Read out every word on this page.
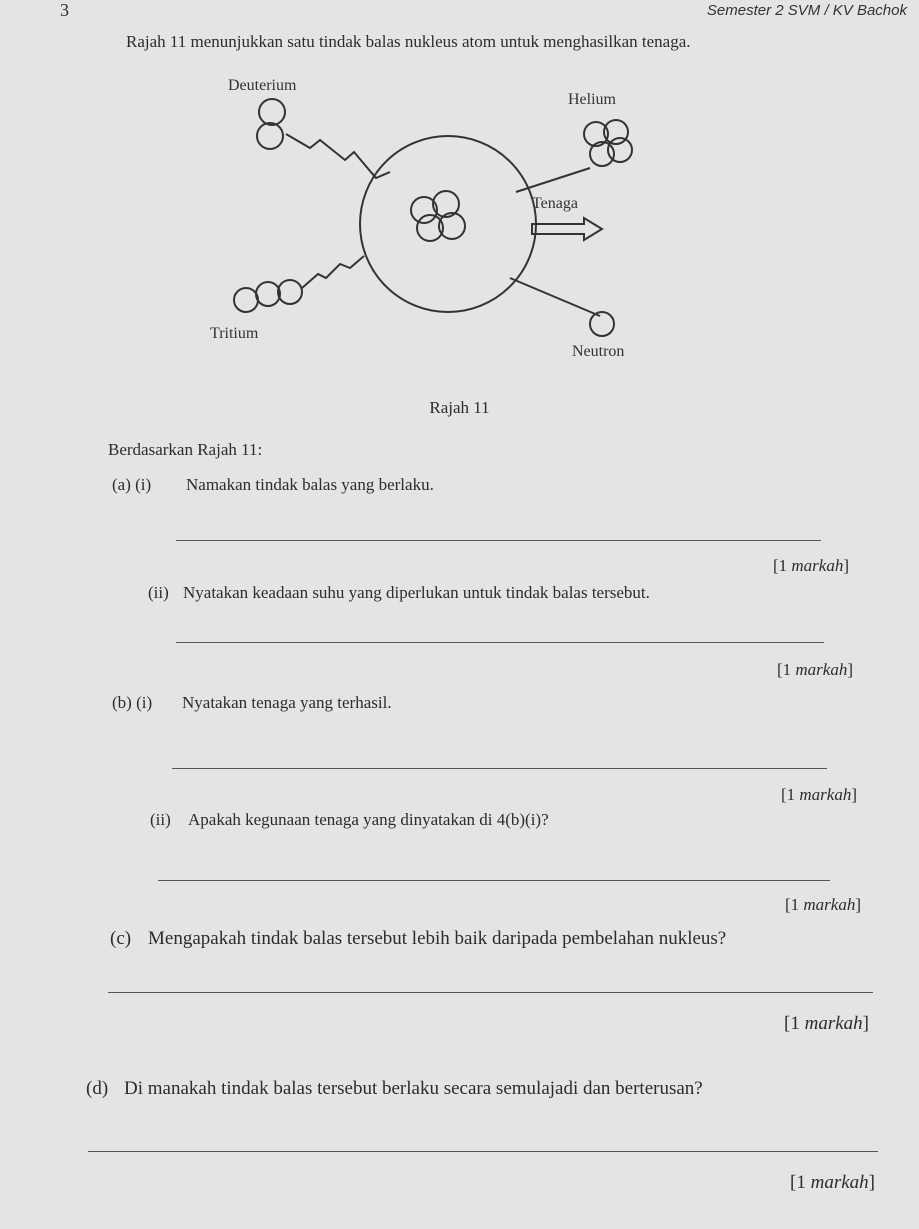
3	Semester 2 SVM / KV Bachok
Rajah 11 menunjukkan satu tindak balas nukleus atom untuk menghasilkan tenaga.
Deuterium
Helium
Tenaga
Tritium
Neutron
Rajah 11
Berdasarkan Rajah 11:
(a) (i) Namakan tindak balas yang berlaku.
[1 markah]
(ii) Nyatakan keadaan suhu yang diperlukan untuk tindak balas tersebut.
[1 markah]
(b) (i) Nyatakan tenaga yang terhasil.
[1 markah]
(ii) Apakah kegunaan tenaga yang dinyatakan di 4(b)(i)?
[1 markah]
(c) Mengapakah tindak balas tersebut lebih baik daripada pembelahan nukleus?
[1 markah]
(d) Di manakah tindak balas tersebut berlaku secara semulajadi dan berterusan?
[1 markah]
